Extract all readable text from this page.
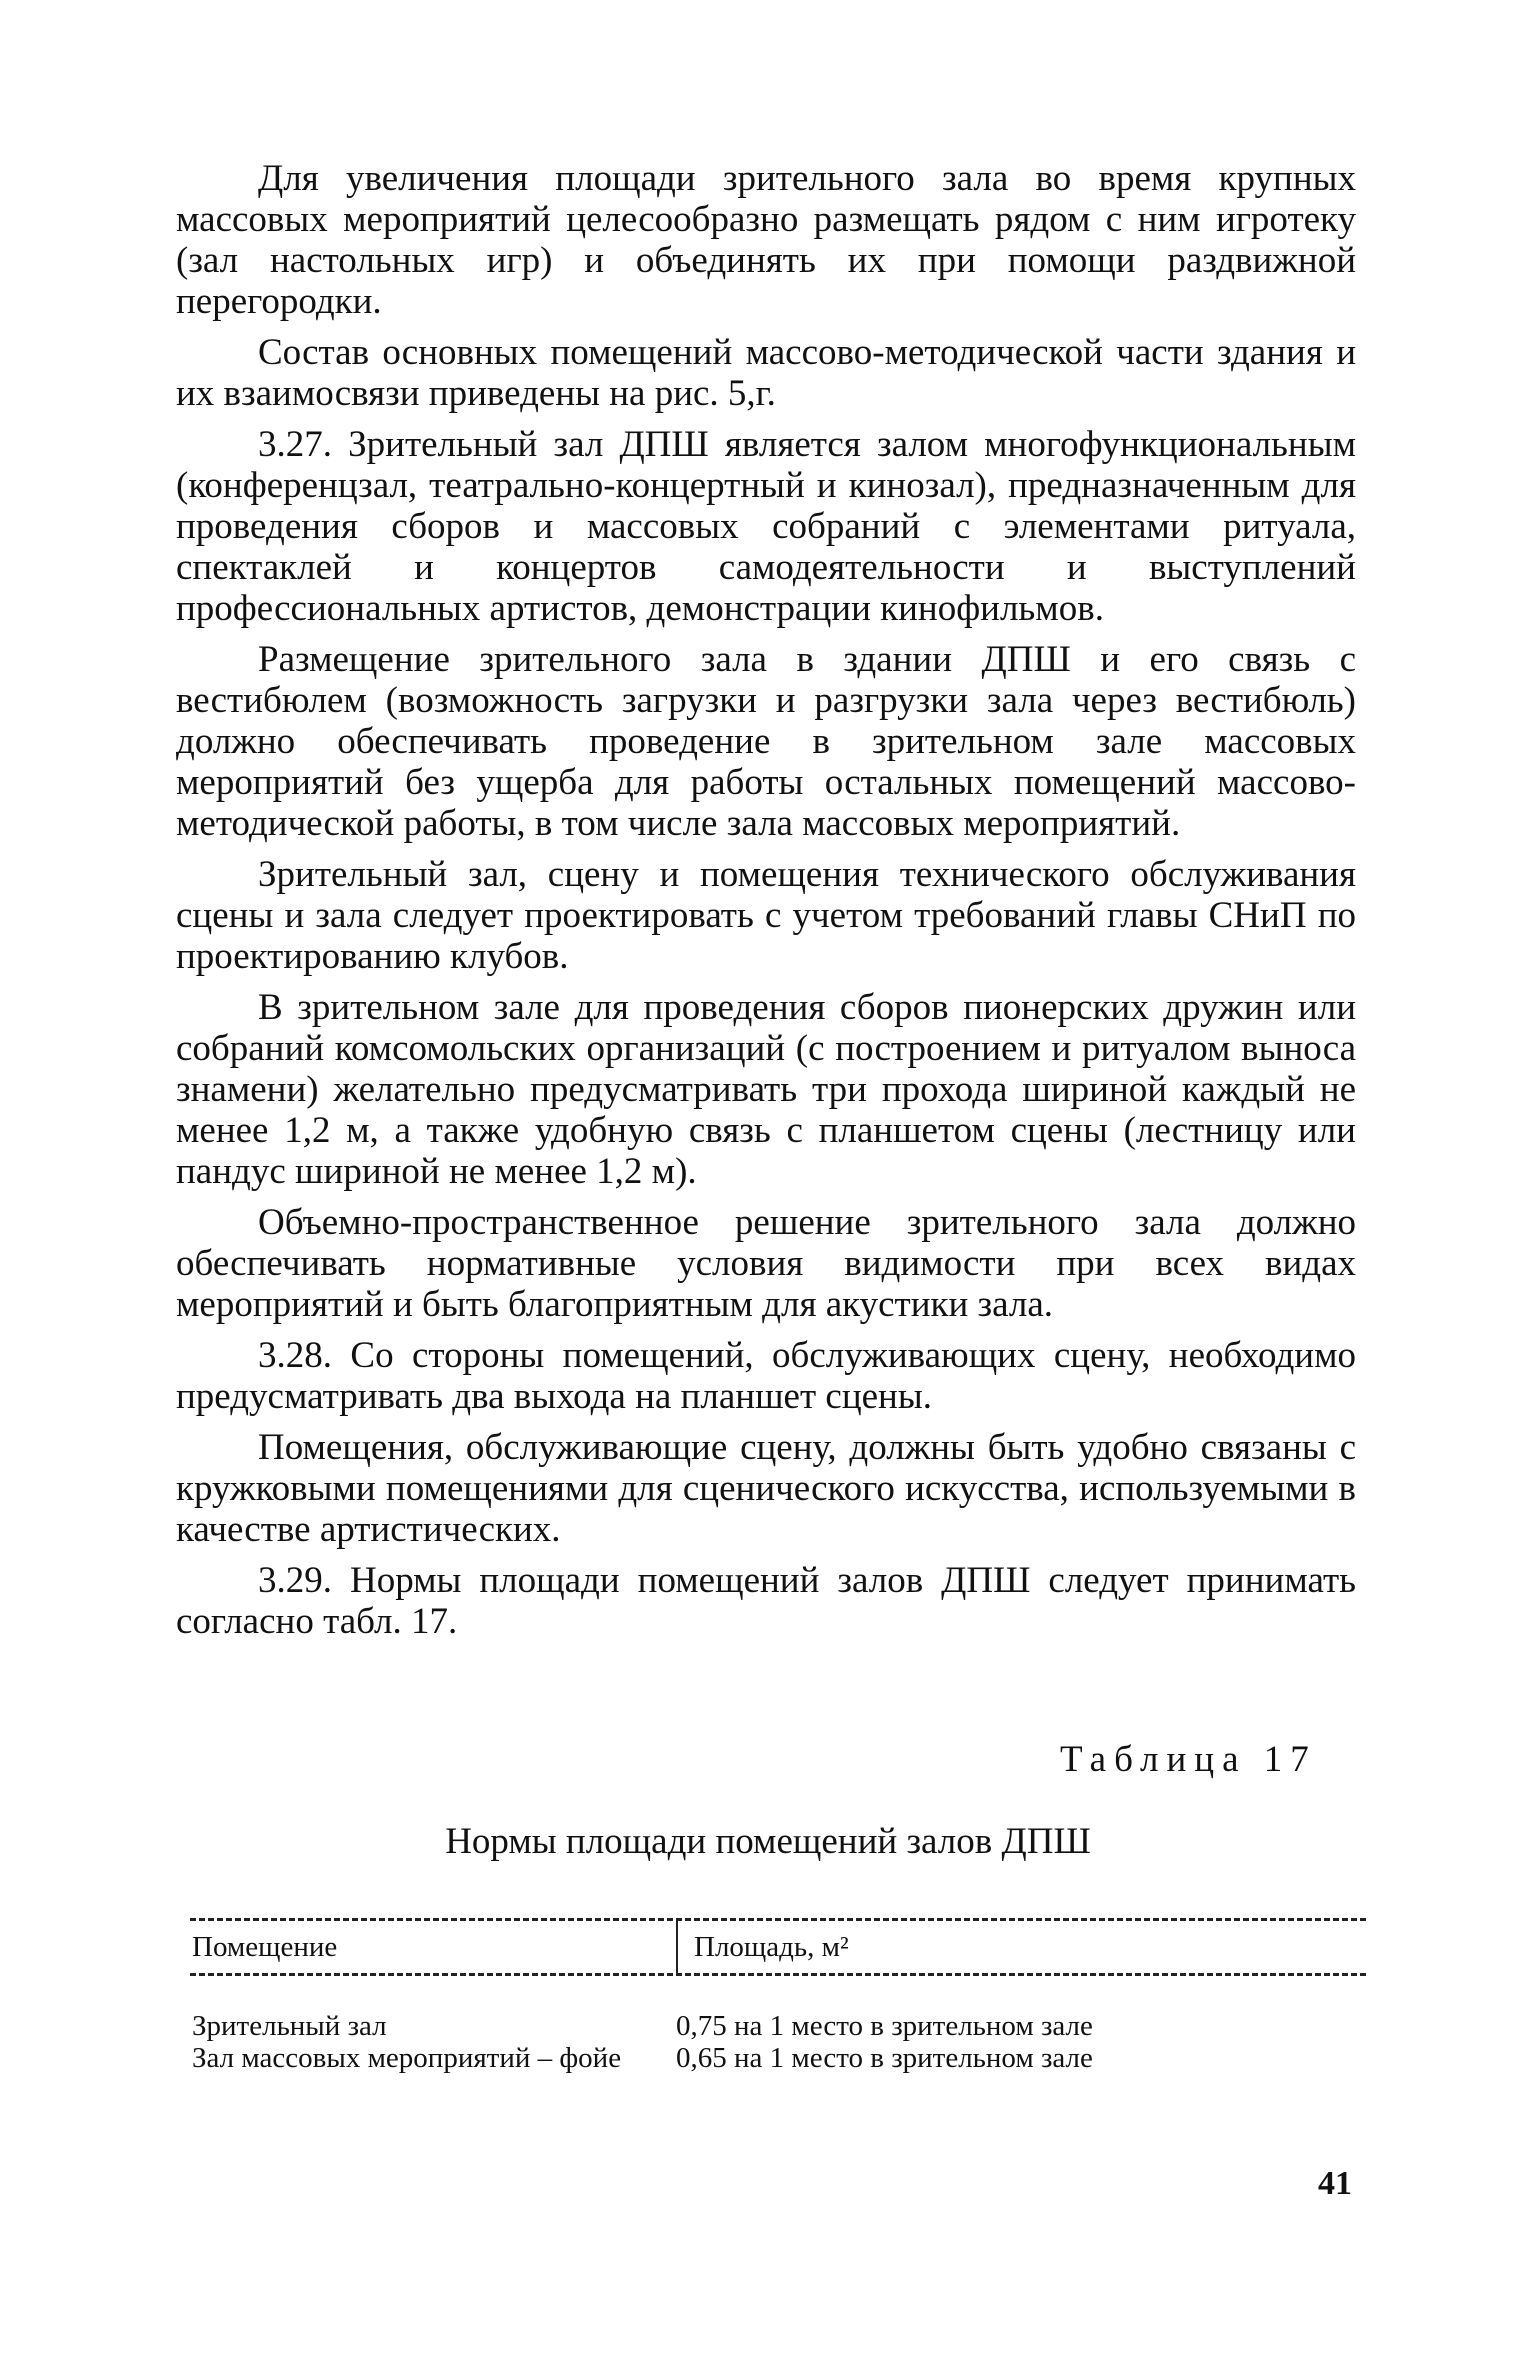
Для увеличения площади зрительного зала во время крупных массовых мероприятий целесообразно размещать рядом с ним игротеку (зал настольных игр) и объединять их при помощи раздвижной перегородки.

Состав основных помещений массово-методической части здания и их взаимосвязи приведены на рис. 5,г.

3.27. Зрительный зал ДПШ является залом многофункциональным (конференцзал, театрально-концертный и кинозал), предназначенным для проведения сборов и массовых собраний с элементами ритуала, спектаклей и концертов самодеятельности и выступлений профессиональных артистов, демонстрации кинофильмов.

Размещение зрительного зала в здании ДПШ и его связь с вестибюлем (возможность загрузки и разгрузки зала через вестибюль) должно обеспечивать проведение в зрительном зале массовых мероприятий без ущерба для работы остальных помещений массово-методической работы, в том числе зала массовых мероприятий.

Зрительный зал, сцену и помещения технического обслуживания сцены и зала следует проектировать с учетом требований главы СНиП по проектированию клубов.

В зрительном зале для проведения сборов пионерских дружин или собраний комсомольских организаций (с построением и ритуалом выноса знамени) желательно предусматривать три прохода шириной каждый не менее 1,2 м, а также удобную связь с планшетом сцены (лестницу или пандус шириной не менее 1,2 м).

Объемно-пространственное решение зрительного зала должно обеспечивать нормативные условия видимости при всех видах мероприятий и быть благоприятным для акустики зала.

3.28. Со стороны помещений, обслуживающих сцену, необходимо предусматривать два выхода на планшет сцены.

Помещения, обслуживающие сцену, должны быть удобно связаны с кружковыми помещениями для сценического искусства, используемыми в качестве артистических.

3.29. Нормы площади помещений залов ДПШ следует принимать согласно табл. 17.

Таблица 17
Нормы площади помещений залов ДПШ
Помещение	Площадь, м²
Зрительный зал	0,75 на 1 место в зрительном зале
Зал массовых мероприятий – фойе	0,65 на 1 место в зрительном зале
41
